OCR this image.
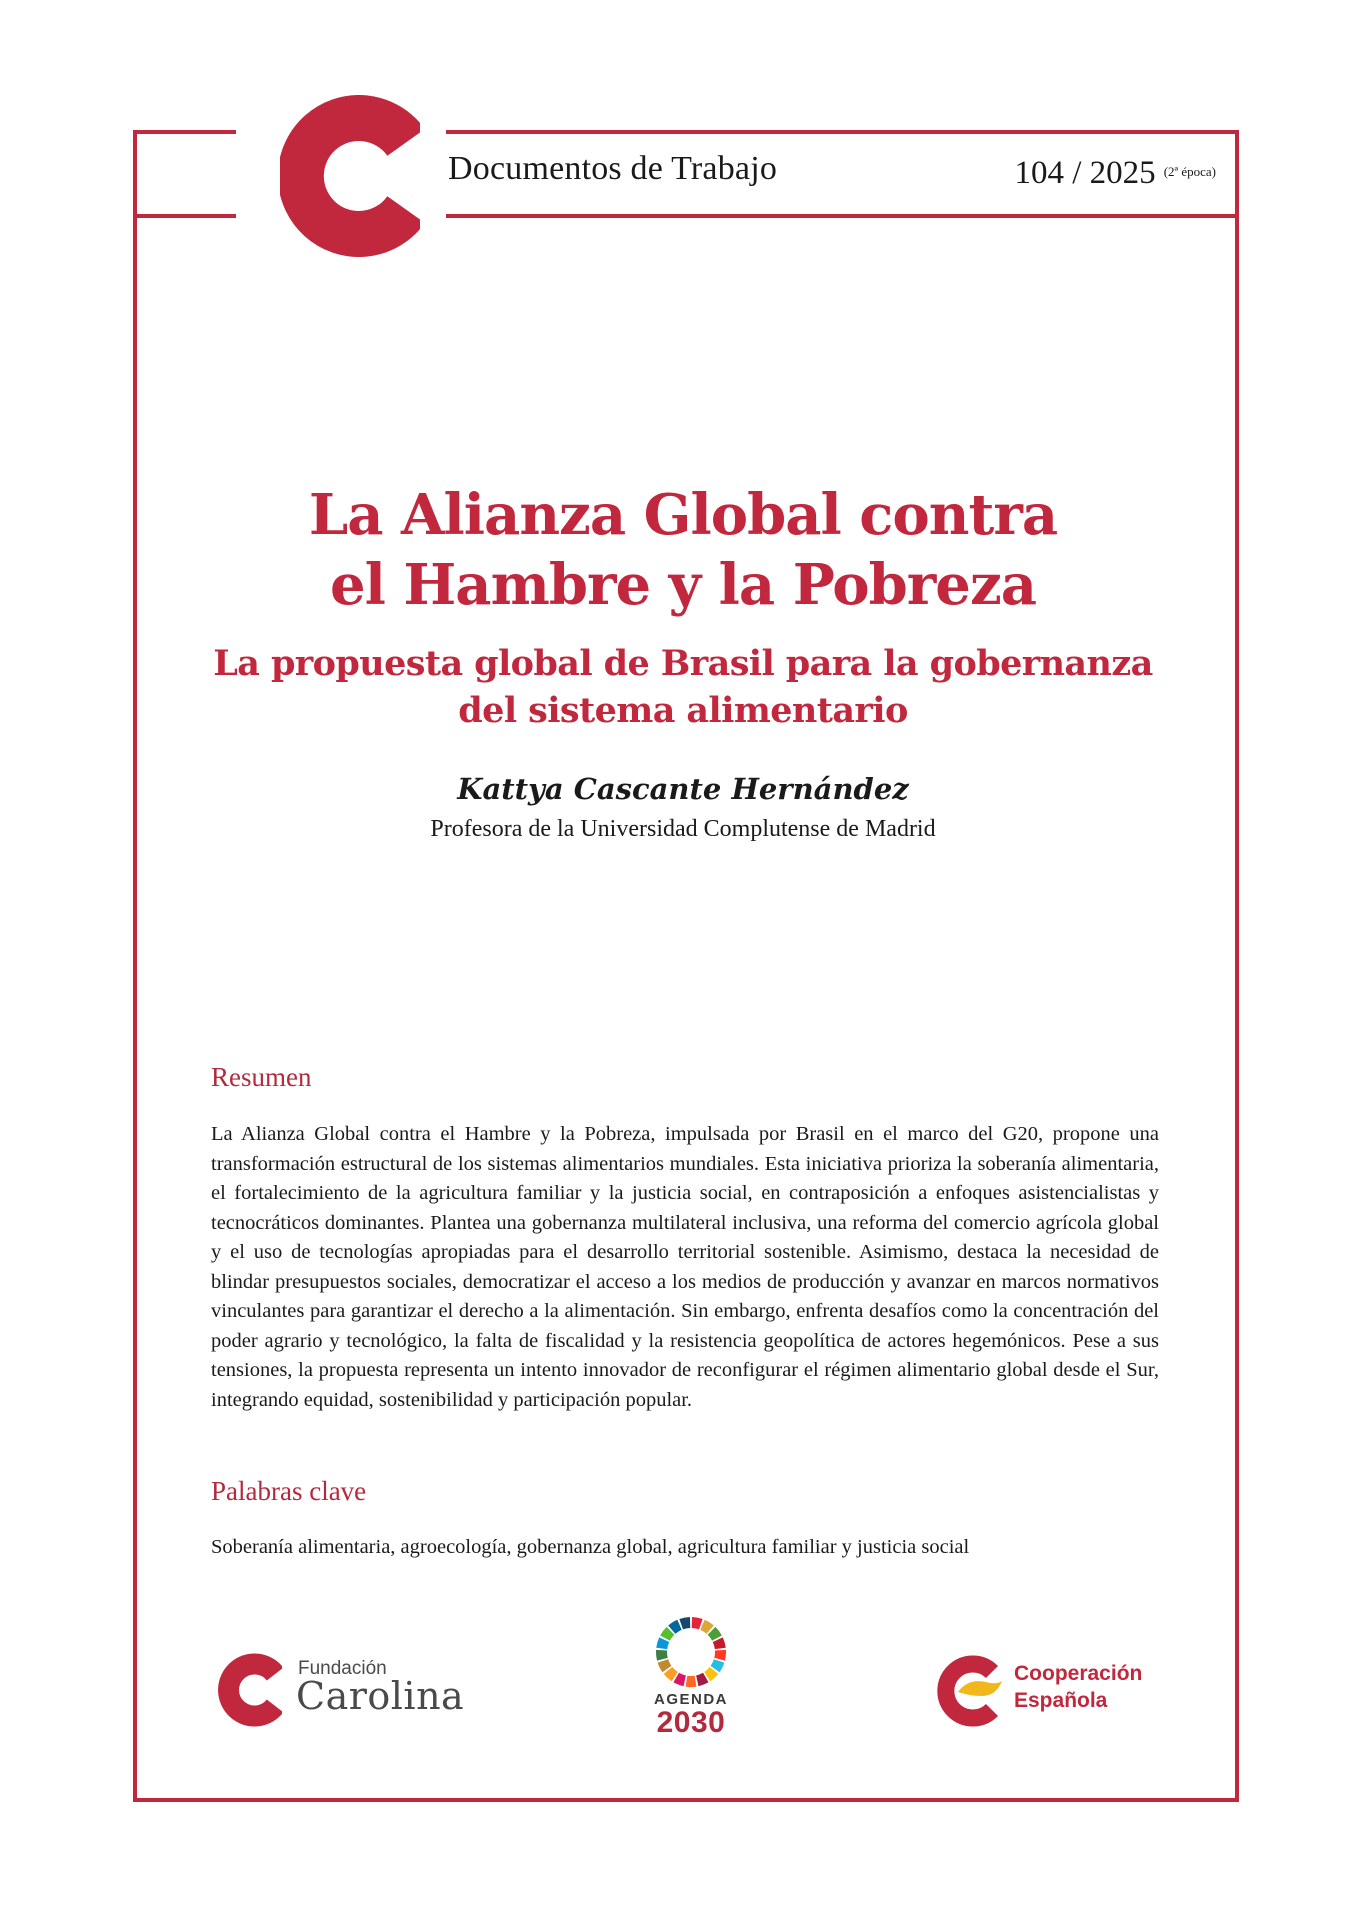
Documentos de Trabajo	104 / 2025 $^{(2ª época)}$
La Alianza Global contra
el Hambre y la Pobreza
La propuesta global de Brasil para la gobernanza
del sistema alimentario
Kattya Cascante Hernández
Profesora de la Universidad Complutense de Madrid
Resumen
La Alianza Global contra el Hambre y la Pobreza, impulsada por Brasil en el marco del G20, propone una transformación estructural de los sistemas alimentarios mundiales. Esta iniciativa prioriza la soberanía alimentaria, el fortalecimiento de la agricultura familiar y la justicia social, en contraposición a enfoques asistencialistas y tecnocráticos dominantes. Plantea una gobernanza multilateral inclusiva, una reforma del comercio agrícola global y el uso de tecnologías apropiadas para el desarrollo territorial sostenible. Asimismo, destaca la necesidad de blindar presupuestos sociales, democratizar el acceso a los medios de producción y avanzar en marcos normativos vinculantes para garantizar el derecho a la alimentación. Sin embargo, enfrenta desafíos como la concentración del poder agrario y tecnológico, la falta de fiscalidad y la resistencia geopolítica de actores hegemónicos. Pese a sus tensiones, la propuesta representa un intento innovador de reconfigurar el régimen alimentario global desde el Sur, integrando equidad, sostenibilidad y participación popular.
Palabras clave
Soberanía alimentaria, agroecología, gobernanza global, agricultura familiar y justicia social
Fundación
Carolina	AGENDA
2030
Cooperación
Española
